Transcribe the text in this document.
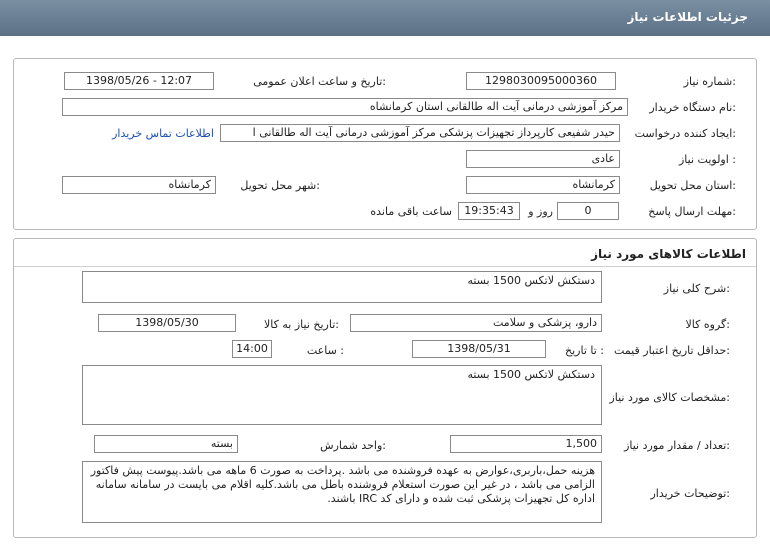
جزئیات اطلاعات نیاز
شماره نیاز:
1298030095000360
تاریخ و ساعت اعلان عمومی:
1398/05/26 - 12:07
نام دستگاه خریدار:
مرکز آموزشی درمانی آیت اله طالقانی استان کرمانشاه
ایجاد کننده درخواست:
حیدر شفیعی کارپرداز تجهیزات پزشکی مرکز آموزشی درمانی آیت اله طالقانی ا
اطلاعات تماس خریدار
اولویت نیاز :
عادی
استان محل تحویل:
کرمانشاه
شهر محل تحویل:
کرمانشاه
مهلت ارسال پاسخ:
0
روز و
19:35:43
ساعت باقی مانده
اطلاعات کالاهای مورد نیاز
شرح کلی نیاز:
دستکش لاتکس 1500 بسته
گروه کالا:
دارو، پزشکی و سلامت
تاریخ نیاز به کالا:
1398/05/30
حداقل تاریخ اعتبار قیمت:
تا تاریخ :
1398/05/31
ساعت :
14:00
مشخصات کالای مورد نیاز:
دستکش لاتکس 1500 بسته
تعداد / مقدار مورد نیاز:
1,500
واحد شمارش:
بسته
توضیحات خریدار:
هزینه حمل،باربری،عوارض به عهده فروشنده می باشد .پرداخت به صورت 6 ماهه می باشد.پیوست پیش فاکتور الزامی می باشد ، در غیر این صورت استعلام فروشنده باطل می باشد.کلیه اقلام می بایست در سامانه سامانه اداره کل تجهیزات پزشکی ثبت شده و دارای کد IRC باشند.
